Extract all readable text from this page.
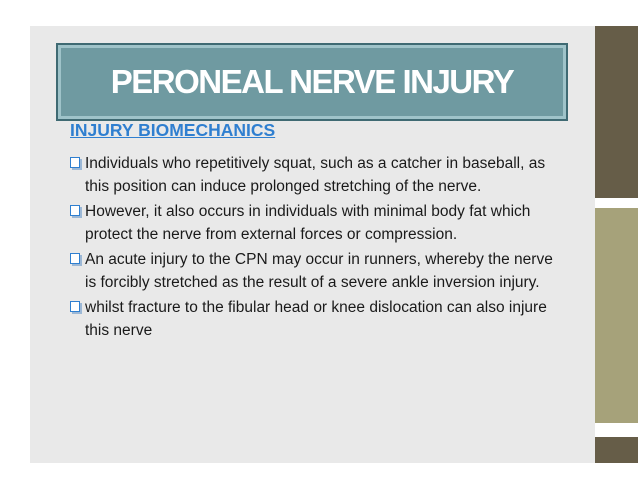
PERONEAL NERVE INJURY
INJURY BIOMECHANICS
Individuals who repetitively squat, such as a catcher in baseball, as this position can induce prolonged stretching of the nerve.
However, it also occurs in individuals with minimal body fat which protect the nerve from external forces or compression.
An acute injury to the CPN may occur in runners, whereby the nerve is forcibly stretched as the result of a severe ankle inversion injury.
whilst fracture to the fibular head or knee dislocation can also injure this nerve
